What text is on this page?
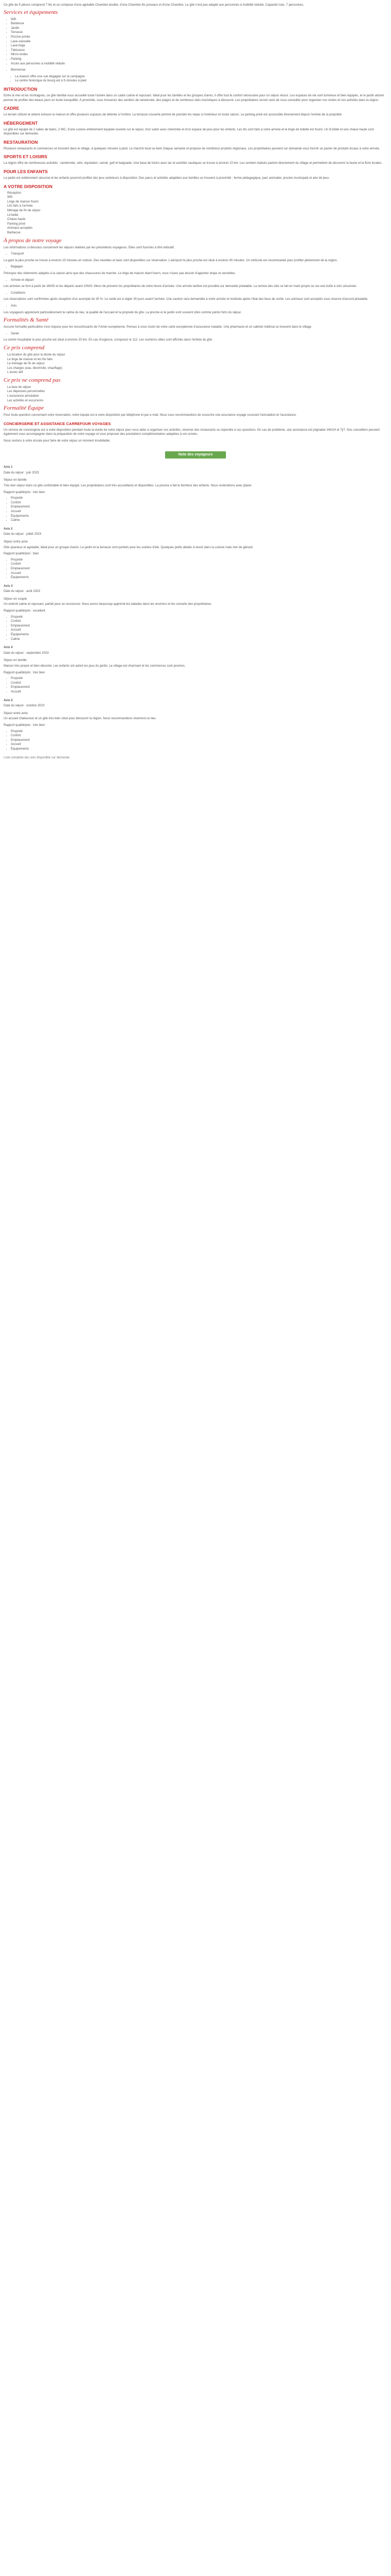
Ce gîte de 5 pièces comprend 7 lits et se compose d'une agréable Chambre double, d'une Chambre lits jumeaux et d'une Chambre, Le gîte n'est pas adapté aux personnes à mobilité réduite. Capacité max. 7 personnes.

Services et équipements
• Wifi
• Barbecue
• Jardin
• Terrasse
• Piscine privée
• Lave-vaisselle
• Lave-linge
• Télévision
• Micro-ondes
• Parking
• Accès aux personnes à mobilité réduite
• Bienvenue
• La maison offre une vue dégagée sur la campagne
• Le centre historique du bourg est à 5 minutes à pied
INTRODUCTION

Entre la mer et les montagnes, ce gîte familial vous accueille toute l'année dans un cadre calme et reposant. Idéal pour les familles et les groupes d'amis, il offre tout le confort nécessaire pour un séjour réussi. Les espaces de vie sont lumineux et bien équipés, et le jardin arboré permet de profiter des beaux jours en toute tranquillité. À proximité, vous trouverez des sentiers de randonnée, des plages et de nombreux sites touristiques à découvrir. Les propriétaires seront ravis de vous conseiller pour organiser vos visites et vos activités dans la région.

CADRE

Le terrain clôturé et arboré entoure la maison et offre plusieurs espaces de détente à l'ombre. La terrasse couverte permet de prendre les repas à l'extérieur en toute saison. Le parking privé est accessible directement depuis l'entrée de la propriété.

HÉBERGEMENT

Le gîte est équipé de 2 salles de bains, 2 WC, d'une cuisine entièrement équipée ouverte sur le séjour, d'un salon avec cheminée et d'un espace de jeux pour les enfants. Les lits sont faits à votre arrivée et le linge de toilette est fourni. Un lit bébé et une chaise haute sont disponibles sur demande.

RESTAURATION

Plusieurs restaurants et commerces se trouvent dans le village, à quelques minutes à pied. Le marché local se tient chaque semaine et propose de nombreux produits régionaux. Les propriétaires peuvent sur demande vous fournir un panier de produits locaux à votre arrivée.

SPORTS ET LOISIRS

La région offre de nombreuses activités : randonnée, vélo, équitation, canoë, golf et baignade. Une base de loisirs avec lac et activités nautiques se trouve à environ 10 km. Les sentiers balisés partent directement du village et permettent de découvrir la faune et la flore locales.

POUR LES ENFANTS

Le jardin est entièrement sécurisé et les enfants pourront profiter des jeux extérieurs à disposition. Des parcs et activités adaptées aux familles se trouvent à proximité : ferme pédagogique, parc animalier, piscine municipale et aire de jeux.

A VOTRE DISPOSITION
Réception
Wifi
Linge de maison fourni
Lits faits à l'arrivée
Ménage de fin de séjour
Lit bébé
Chaise haute
Parking privé
Animaux acceptés
Barbecue
À propos de notre voyage

Les informations ci-dessous concernent les séjours réalisés par les précédents voyageurs. Elles sont fournies à titre indicatif.

• Transport

La gare la plus proche se trouve à environ 15 minutes en voiture. Des navettes et taxis sont disponibles sur réservation. L'aéroport le plus proche est situé à environ 45 minutes. Un véhicule est recommandé pour profiter pleinement de la région.

• Bagages

Prévoyez des vêtements adaptés à la saison ainsi que des chaussures de marche. Le linge de maison étant fourni, vous n'avez pas besoin d'apporter draps et serviettes.

• Arrivée et départ

Les arrivées se font à partir de 16h00 et les départs avant 10h00. Merci de prévenir les propriétaires de votre heure d'arrivée. Une arrivée tardive est possible sur demande préalable. La remise des clés se fait en main propre ou via une boîte à clés sécurisée.

• Conditions

Les réservations sont confirmées après réception d'un acompte de 30 %. Le solde est à régler 30 jours avant l'arrivée. Une caution sera demandée à votre arrivée et restituée après l'état des lieux de sortie. Les animaux sont acceptés sous réserve d'accord préalable.

• Avis

Les voyageurs apprécient particulièrement le calme du lieu, la qualité de l'accueil et la propreté du gîte. La piscine et le jardin sont souvent cités comme points forts du séjour.

Formalités & Santé

Aucune formalité particulière n'est requise pour les ressortissants de l'Union européenne. Pensez à vous munir de votre carte européenne d'assurance maladie. Une pharmacie et un cabinet médical se trouvent dans le village.

• Santé

Le centre hospitalier le plus proche est situé à environ 20 km. En cas d'urgence, composez le 112. Les numéros utiles sont affichés dans l'entrée du gîte.

Ce prix comprend
La location du gîte pour la durée du séjour
Le linge de maison et les lits faits
Le ménage de fin de séjour
Les charges (eau, électricité, chauffage)
L'accès wifi
Ce prix ne comprend pas
La taxe de séjour
Les dépenses personnelles
L'assurance annulation
Les activités et excursions
Formalité Équipe

Pour toute question concernant votre réservation, notre équipe est à votre disposition par téléphone et par e-mail. Nous vous recommandons de souscrire une assurance voyage couvrant l'annulation et l'assistance.

CONCIERGERIE ET ASSISTANCE CARREFOUR VOYAGES

Un service de conciergerie est à votre disposition pendant toute la durée de votre séjour pour vous aider à organiser vos activités, réserver des restaurants ou répondre à vos questions. En cas de problème, une assistance est joignable 24h/24 et 7j/7. Nos conseillers peuvent également vous accompagner dans la préparation de votre voyage et vous proposer des prestations complémentaires adaptées à vos envies.

Nous restons à votre écoute pour faire de votre séjour un moment inoubliable.

Note des voyageurs

Avis 1

Date du séjour : juin 2023

Séjour en famille

Très bon séjour dans ce gîte confortable et bien équipé. Les propriétaires sont très accueillants et disponibles. La piscine a fait le bonheur des enfants. Nous reviendrons avec plaisir.

Rapport qualité/prix : très bien

• Propreté
• Confort
• Emplacement
• Accueil
• Équipements
• Calme

Avis 2

Date du séjour : juillet 2023

Séjour entre amis

Gîte spacieux et agréable, idéal pour un groupe d'amis. Le jardin et la terrasse sont parfaits pour les soirées d'été. Quelques petits détails à revoir dans la cuisine mais rien de gênant.

Rapport qualité/prix : bien

• Propreté
• Confort
• Emplacement
• Accueil
• Équipements

Avis 3

Date du séjour : août 2023

Séjour en couple

Un endroit calme et reposant, parfait pour se ressourcer. Nous avons beaucoup apprécié les balades dans les environs et les conseils des propriétaires.

Rapport qualité/prix : excellent

• Propreté
• Confort
• Emplacement
• Accueil
• Équipements
• Calme

Avis 4

Date du séjour : septembre 2023

Séjour en famille

Maison très propre et bien décorée. Les enfants ont adoré les jeux du jardin. Le village est charmant et les commerces sont proches.

Rapport qualité/prix : très bien

• Propreté
• Confort
• Emplacement
• Accueil

Avis 5

Date du séjour : octobre 2023

Séjour entre amis

Un accueil chaleureux et un gîte très bien situé pour découvrir la région. Nous recommandons vivement ce lieu.

Rapport qualité/prix : très bien

• Propreté
• Confort
• Emplacement
• Accueil
• Équipements

Liste complète des avis disponible sur demande.
